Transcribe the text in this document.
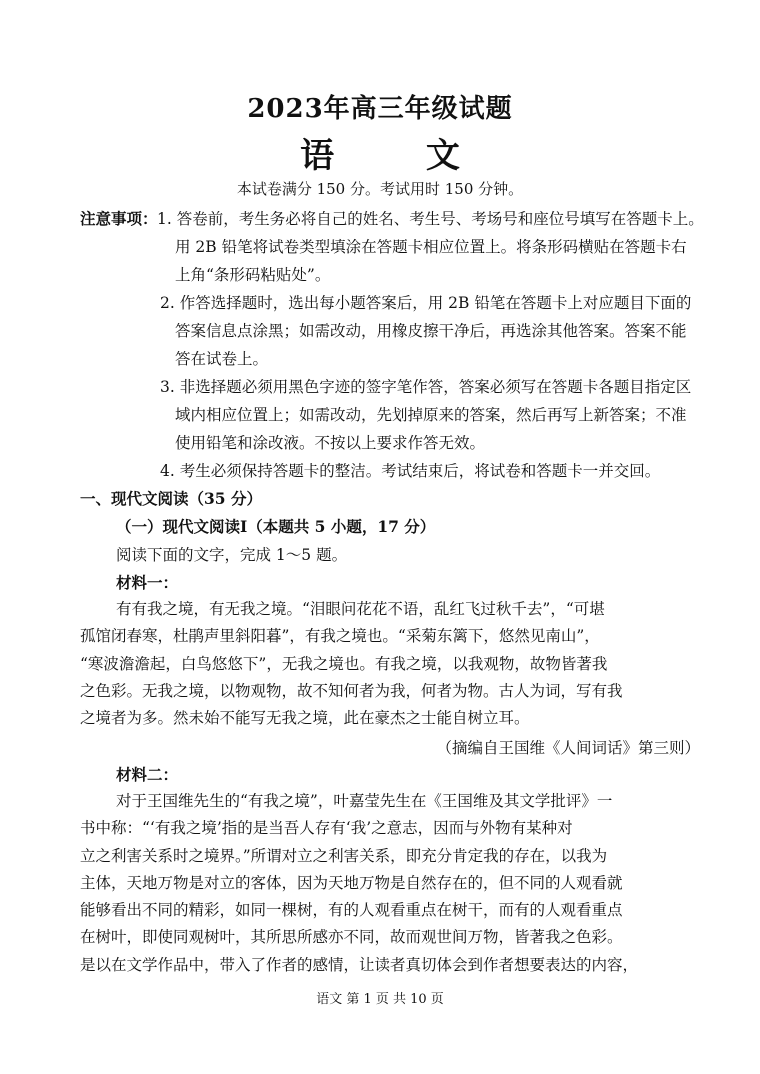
2023年高三年级试题
语 文
本试卷满分 150 分。考试用时 150 分钟。
注意事项： 1. 答卷前，考生务必将自己的姓名、考生号、考场号和座位号填写在答题卡上。
用 2B 铅笔将试卷类型填涂在答题卡相应位置上。将条形码横贴在答题卡右
上角“条形码粘贴处”。
2. 作答选择题时，选出每小题答案后，用 2B 铅笔在答题卡上对应题目下面的
答案信息点涂黑；如需改动，用橡皮擦干净后，再选涂其他答案。答案不能
答在试卷上。
3. 非选择题必须用黑色字迹的签字笔作答，答案必须写在答题卡各题目指定区
域内相应位置上；如需改动，先划掉原来的答案，然后再写上新答案；不准
使用铅笔和涂改液。不按以上要求作答无效。
4. 考生必须保持答题卡的整洁。考试结束后，将试卷和答题卡一并交回。
一、现代文阅读（35 分）
（一）现代文阅读I（本题共 5 小题，17 分）
阅读下面的文字，完成 1～5 题。
材料一：
有有我之境，有无我之境。“泪眼问花花不语，乱红飞过秋千去”，“可堪
孤馆闭春寒，杜鹃声里斜阳暮”，有我之境也。“采菊东篱下，悠然见南山”，
“寒波澹澹起，白鸟悠悠下”，无我之境也。有我之境，以我观物，故物皆著我
之色彩。无我之境，以物观物，故不知何者为我，何者为物。古人为词，写有我
之境者为多。然未始不能写无我之境，此在豪杰之士能自树立耳。
（摘编自王国维《人间词话》第三则）
材料二：
对于王国维先生的“有我之境”，叶嘉莹先生在《王国维及其文学批评》一
书中称：“‘有我之境’指的是当吾人存有‘我’之意志，因而与外物有某种对
立之利害关系时之境界。”所谓对立之利害关系，即充分肯定我的存在，以我为
主体，天地万物是对立的客体，因为天地万物是自然存在的，但不同的人观看就
能够看出不同的精彩，如同一棵树，有的人观看重点在树干，而有的人观看重点
在树叶，即使同观树叶，其所思所感亦不同，故而观世间万物，皆著我之色彩。
是以在文学作品中，带入了作者的感情，让读者真切体会到作者想要表达的内容，
语文 第 1 页 共 10 页
